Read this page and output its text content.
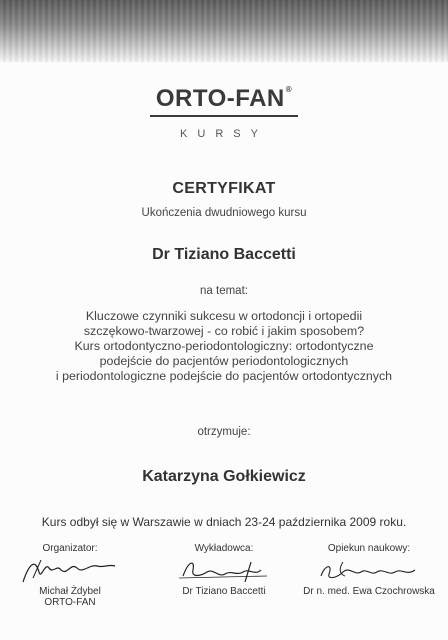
ORTO-FAN®
KURSY
CERTYFIKAT
Ukończenia dwudniowego kursu
Dr Tiziano Baccetti
na temat:
Kluczowe czynniki sukcesu w ortodoncji i ortopedii
szczękowo-twarzowej - co robić i jakim sposobem?
Kurs ortodontyczno-periodontologiczny: ortodontyczne
podejście do pacjentów periodontologicznych
i periodontologiczne podejście do pacjentów ortodontycznych
otrzymuje:
Katarzyna Gołkiewicz
Kurs odbył się w Warszawie w dniach 23-24 października 2009 roku.
Organizator:
Michał Żdybel
ORTO-FAN
Wykładowca:
Dr Tiziano Baccetti
Opiekun naukowy:
Dr n. med. Ewa Czochrowska
